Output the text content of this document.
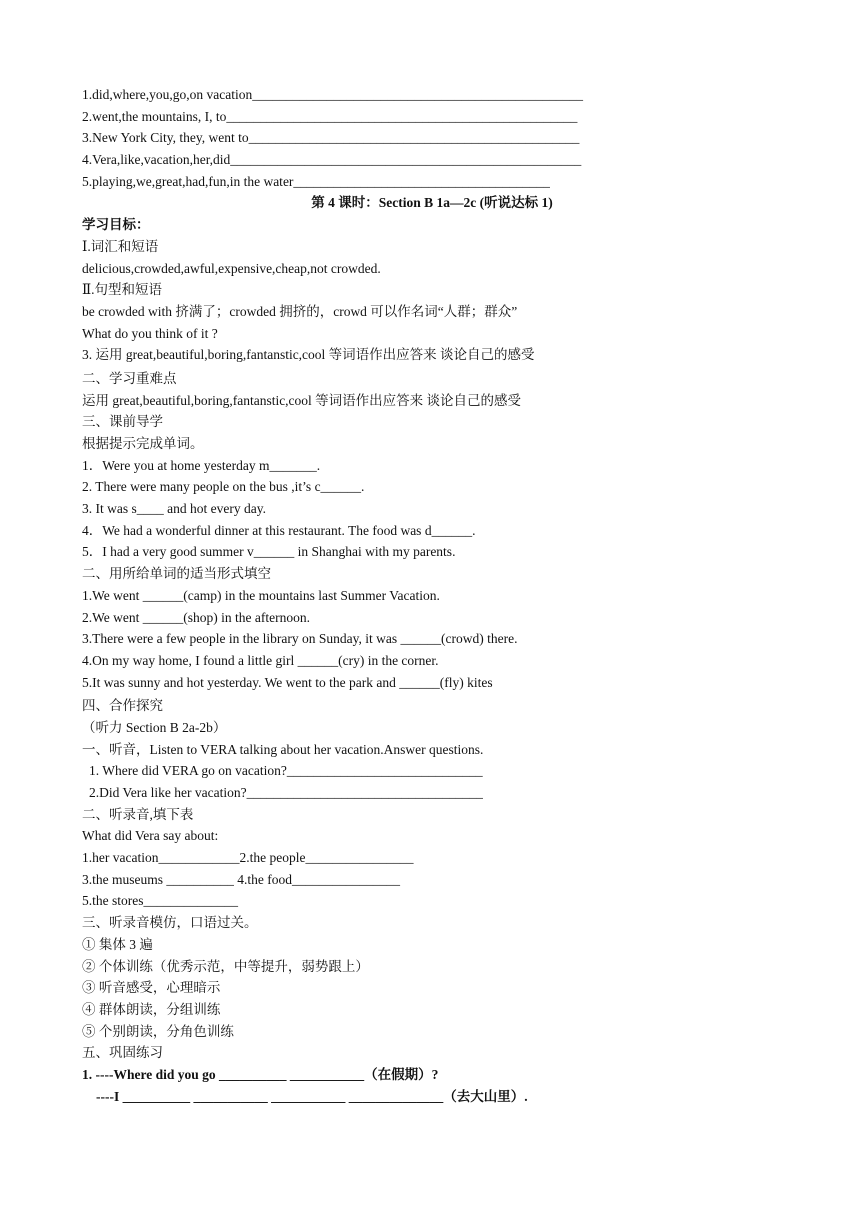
1.did,where,you,go,on vacation_________________________________________________
2.went,the mountains, I, to____________________________________________________
3.New York City, they, went to_________________________________________________
4.Vera,like,vacation,her,did____________________________________________________
5.playing,we,great,had,fun,in the water______________________________________
第 4 课时：Section B 1a—2c (听说达标 1)
学习目标：
Ⅰ.词汇和短语
delicious,crowded,awful,expensive,cheap,not crowded.
Ⅱ.句型和短语
be crowded with 挤满了；crowded 拥挤的，crowd 可以作名词“人群；群众”
What do you think of it ?
3. 运用 great,beautiful,boring,fantanstic,cool 等词语作出应答来 谈论自己的感受
二、学习重难点
运用 great,beautiful,boring,fantanstic,cool 等词语作出应答来 谈论自己的感受
三、课前导学
根据提示完成单词。
1．Were you at home yesterday m_______.
2. There were many people on the bus ,it’s c______.
3. It was s____ and hot every day.
4．We had a wonderful dinner at this restaurant. The food was d______.
5．I had a very good summer v______ in Shanghai with my parents.
二、用所给单词的适当形式填空
1.We went ______(camp) in the mountains last Summer Vacation.
2.We went ______(shop) in the afternoon.
3.There were a few people in the library on Sunday, it was ______(crowd) there.
4.On my way home, I found a little girl ______(cry) in the corner.
5.It was sunny and hot yesterday. We went to the park and ______(fly) kites
四、合作探究
（听力 Section B 2a-2b）
一、听音，Listen to VERA talking about her vacation.Answer questions.
1. Where did VERA go on vacation?_____________________________
2.Did Vera like her vacation?___________________________________
二、听录音,填下表
What did Vera say about:
1.her vacation____________2.the people________________
3.the museums __________ 4.the food________________
5.the stores______________
三、听录音模仿，口语过关。
① 集体 3 遍
② 个体训练（优秀示范，中等提升，弱势跟上）
③ 听音感受，心理暗示
④ 群体朗读，分组训练
⑤ 个别朗读，分角色训练
五、巩固练习
1. ----Where did you go __________ ___________（在假期）?
----I __________ ___________ ___________ ______________（去大山里）.
